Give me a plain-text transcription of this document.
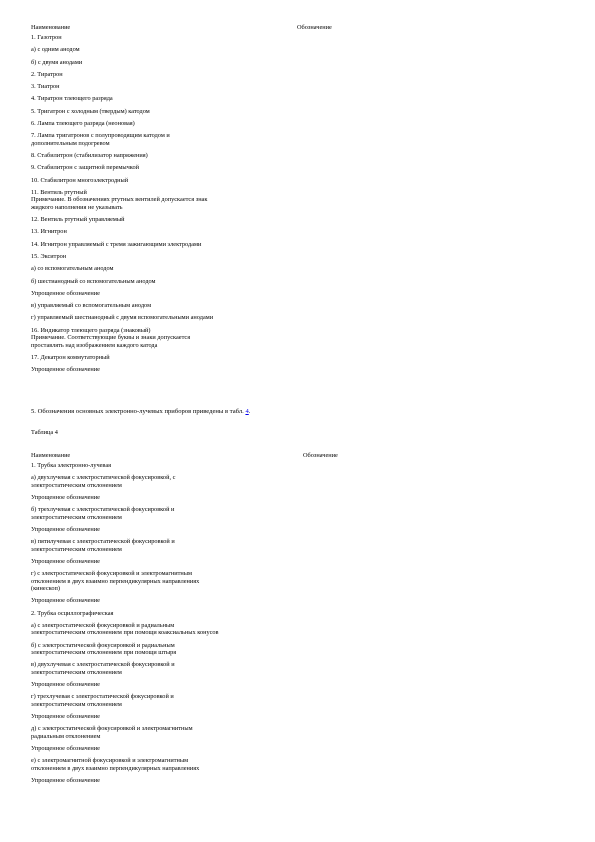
Наименование	Обозначение
1. Газотрон
а) с одним анодом
б) с двумя анодами
2. Тиратрон
3. Тиатрон
4. Тиратрон тлеющего разряда
5. Тригатрон с холодным (твердым) катодом
6. Лампа тлеющего разряда (неоновая)
7. Лампа тригатронов с полупроводящим катодом и
дополнительным подогревом
8. Стабилитрон (стабилизатор напряжения)
9. Стабилитрон с защитной перемычкой
10. Стабилитрон многоэлектродный
11. Вентиль ртутный
Примечание. В обозначениях ртутных вентилей допускается знак
жидкого наполнения не указывать
12. Вентиль ртутный управляемый
13. Игнитрон
14. Игнитрон управляемый с тремя зажигающими электродами
15. Экситрон
а) со вспомогательным анодом
б) шестианодный со вспомогательным анодом
Упрощенное обозначение
в) управляемый со вспомогательным анодом
г) управляемый шестианодный с двумя вспомогательными анодами
16. Индикатор тлеющего разряда (знаковый)
Примечание. Соответствующие буквы и знаки допускается
проставлять над изображением каждого катода
17. Декатрон коммутаторный
Упрощенное обозначение
5. Обозначения основных электронно-лучевых приборов приведены в табл. 4.
Таблица 4
Наименование	Обозначение
1. Трубка электронно-лучевая
а) двухлучевая с электростатической фокусировкой, с
электростатическим отклонением
Упрощенное обозначение
б) трехлучевая с электростатической фокусировкой и
электростатическим отклонением
Упрощенное обозначение
в) пятилучевая с электростатической фокусировкой и
электростатическим отклонением
Упрощенное обозначение
г) с электростатической фокусировкой и электромагнитным
отклонением в двух взаимно перпендикулярных направлениях
(кинескоп)
Упрощенное обозначение
2. Трубка осциллографическая
а) с электростатической фокусировкой и радиальным
электростатическим отклонением при помощи коаксиальных конусов
б) с электростатической фокусировкой и радиальным
электростатическим отклонением при помощи штыря
в) двухлучевая с электростатической фокусировкой и
электростатическим отклонением
Упрощенное обозначение
г) трехлучевая с электростатической фокусировкой и
электростатическим отклонением
Упрощенное обозначение
д) с электростатической фокусировкой и электромагнитным
радиальным отклонением
Упрощенное обозначение
е) с электромагнитной фокусировкой и электромагнитным
отклонением в двух взаимно перпендикулярных направлениях
Упрощенное обозначение
